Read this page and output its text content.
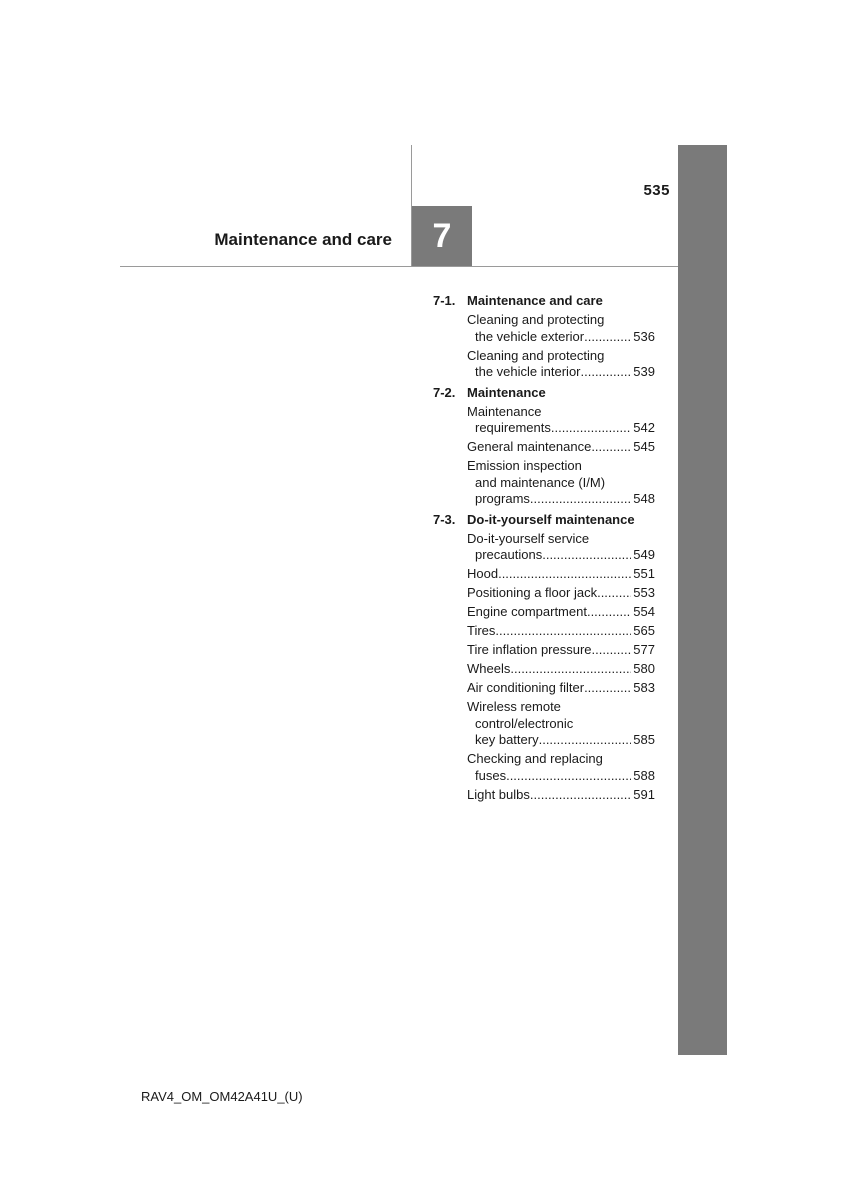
535
Maintenance and care 7
7-1. Maintenance and care
Cleaning and protecting
the vehicle exterior .....	536
Cleaning and protecting
the vehicle interior .....	539
7-2. Maintenance
Maintenance
requirements .....	542
General maintenance .....	545
Emission inspection
and maintenance (I/M)
programs .....	548
7-3. Do-it-yourself maintenance
Do-it-yourself service
precautions .....	549
Hood .....	551
Positioning a floor jack .....	553
Engine compartment .....	554
Tires .....	565
Tire inflation pressure .....	577
Wheels .....	580
Air conditioning filter .....	583
Wireless remote
control/electronic
key battery .....	585
Checking and replacing
fuses .....	588
Light bulbs .....	591
RAV4_OM_OM42A41U_(U)
